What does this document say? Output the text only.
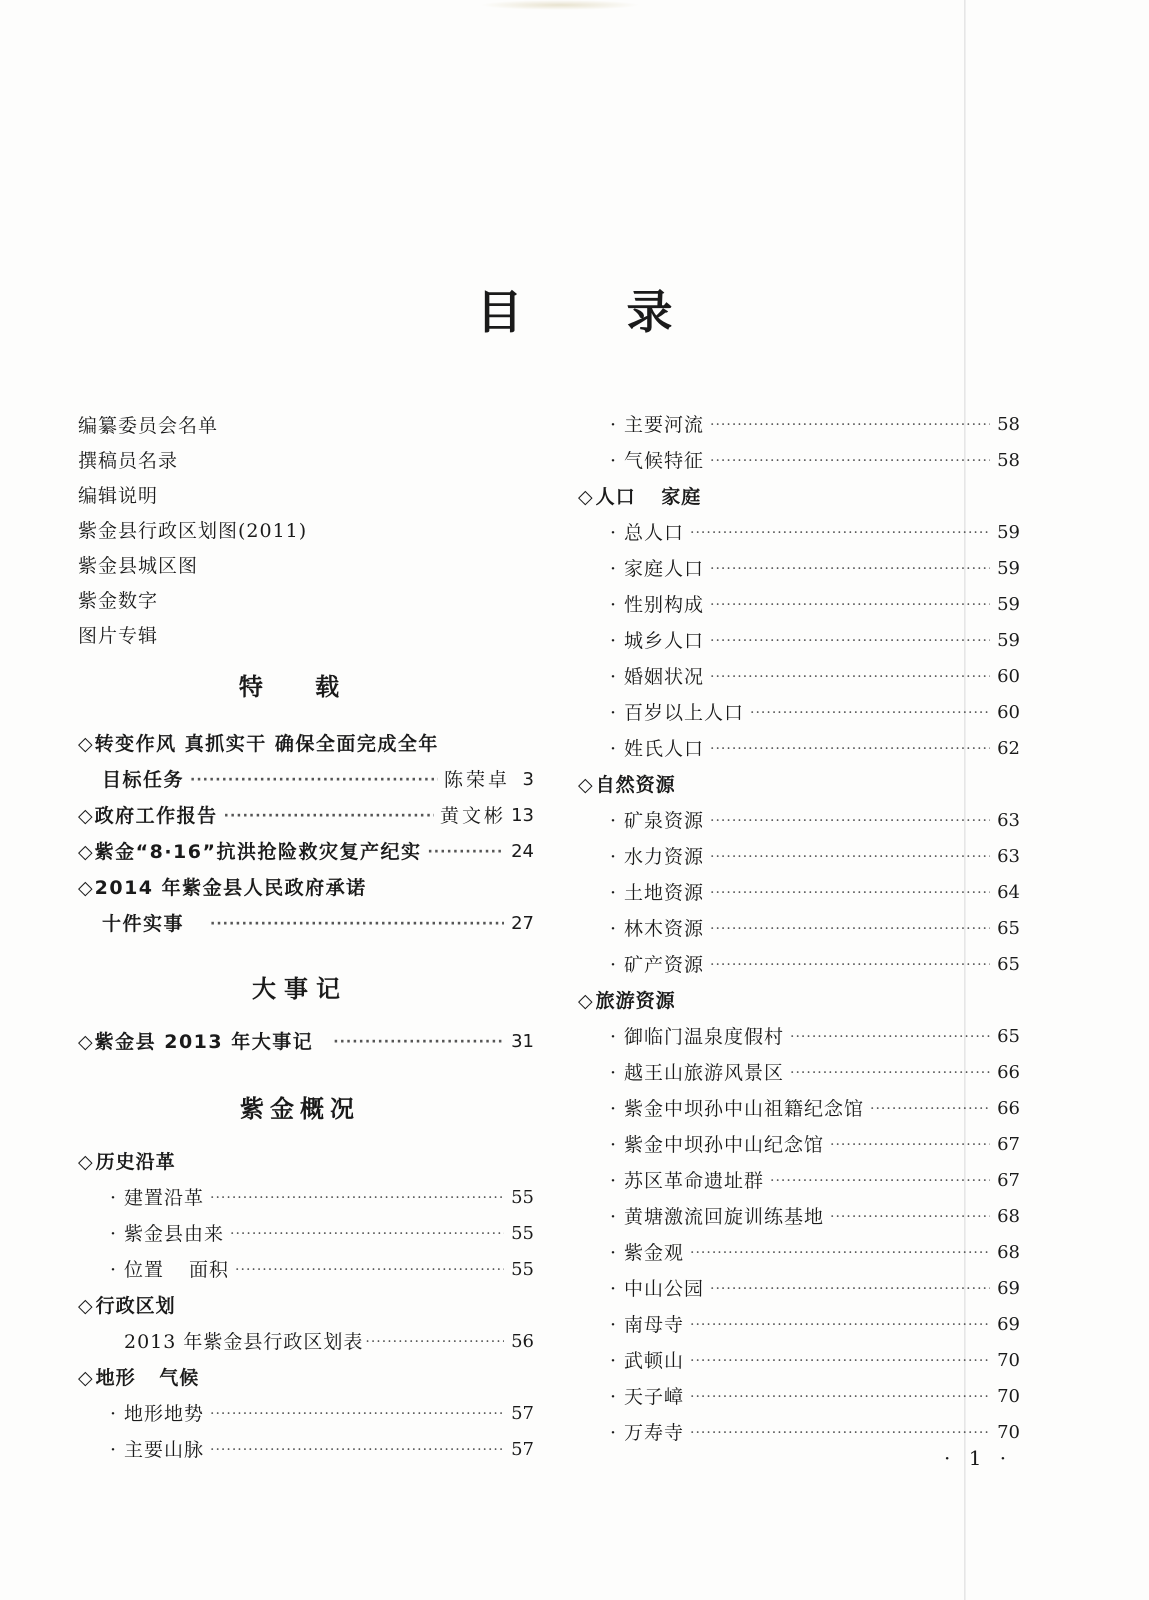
目 录
编纂委员会名单
撰稿员名录
编辑说明
紫金县行政区划图(2011)
紫金县城区图
紫金数字
图片专辑
特 载
◇ 转变作风 真抓实干 确保全面完成全年
目标任务 ·····	陈荣卓 3
◇ 政府工作报告 ·····	黄文彬 13
◇ 紫金“8·16”抗洪抢险救灾复产纪实 ·····	24
◇ 2014 年紫金县人民政府承诺
十件实事 ·····	27
大事记
◇ 紫金县 2013 年大事记 ·····	31
紫金概况
◇ 历史沿革
· 建置沿革 ·····	55
· 紫金县由来 ·····	55
· 位置 面积 ·····	55
◇ 行政区划
2013 年紫金县行政区划表 ·····	56
◇ 地形 气候
· 地形地势 ·····	57
· 主要山脉 ·····	57
· 主要河流 ·····	58
· 气候特征 ·····	58
◇ 人口 家庭
· 总人口 ·····	59
· 家庭人口 ·····	59
· 性别构成 ·····	59
· 城乡人口 ·····	59
· 婚姻状况 ·····	60
· 百岁以上人口 ·····	60
· 姓氏人口 ·····	62
◇ 自然资源
· 矿泉资源 ·····	63
· 水力资源 ·····	63
· 土地资源 ·····	64
· 林木资源 ·····	65
· 矿产资源 ·····	65
◇ 旅游资源
· 御临门温泉度假村 ·····	65
· 越王山旅游风景区 ·····	66
· 紫金中坝孙中山祖籍纪念馆 ·····	66
· 紫金中坝孙中山纪念馆 ·····	67
· 苏区革命遗址群 ·····	67
· 黄塘激流回旋训练基地 ·····	68
· 紫金观 ·····	68
· 中山公园 ·····	69
· 南母寺 ·····	69
· 武顿山 ·····	70
· 天子嶂 ·····	70
· 万寿寺 ·····	70
· 1 ·
